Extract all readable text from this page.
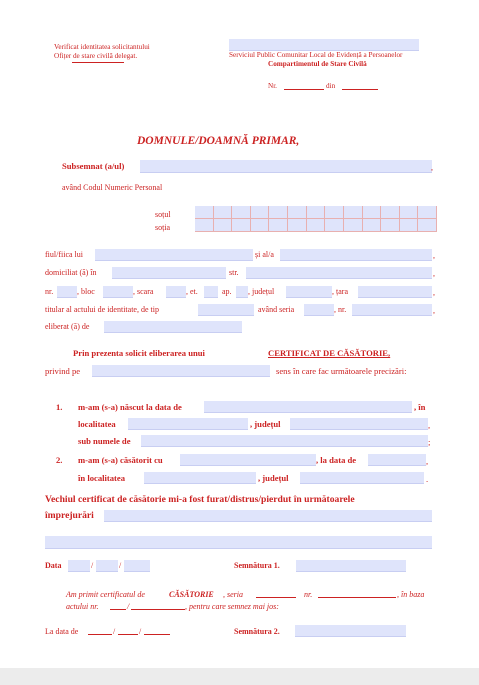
Verificat identitatea solicitantului
Ofițer de stare civilă delegat.	Serviciul Public Comunitar Local de Evidență a Persoanelor
Compartimentul de Stare Civilă
Nr.	din
DOMNULE/DOAMNĂ PRIMAR,
Subsemnat (a/ul)	,
având Codul Numeric Personal
soțul
soția
fiul/fiica lui	și al/a	,
domiciliat (ă) în	str.	,
nr.	, bloc	, scara	, et.	ap. , județul	, țara	,
titular al actului de identitate, de tip	având seria	, nr.	,
eliberat (ă) de
Prin prezenta solicit eliberarea unui	CERTIFICAT DE CĂSĂTORIE,
privind pe	sens în care fac următoarele precizări:
1. m-am (s-a) născut la data de	, în
localitatea	, județul	,
sub numele de	;
2. m-am (s-a) căsătorit cu	, la data de	,
în localitatea	, județul	.
Vechiul certificat de căsătorie mi-a fost furat/distrus/pierdut în următoarele
împrejurări
Data	/	/	Semnătura 1.
Am primit certificatul de	CĂSĂTORIE , seria	nr.	, în baza
actului nr.	/	, pentru care semnez mai jos:
La data de	/	/	Semnătura 2.
